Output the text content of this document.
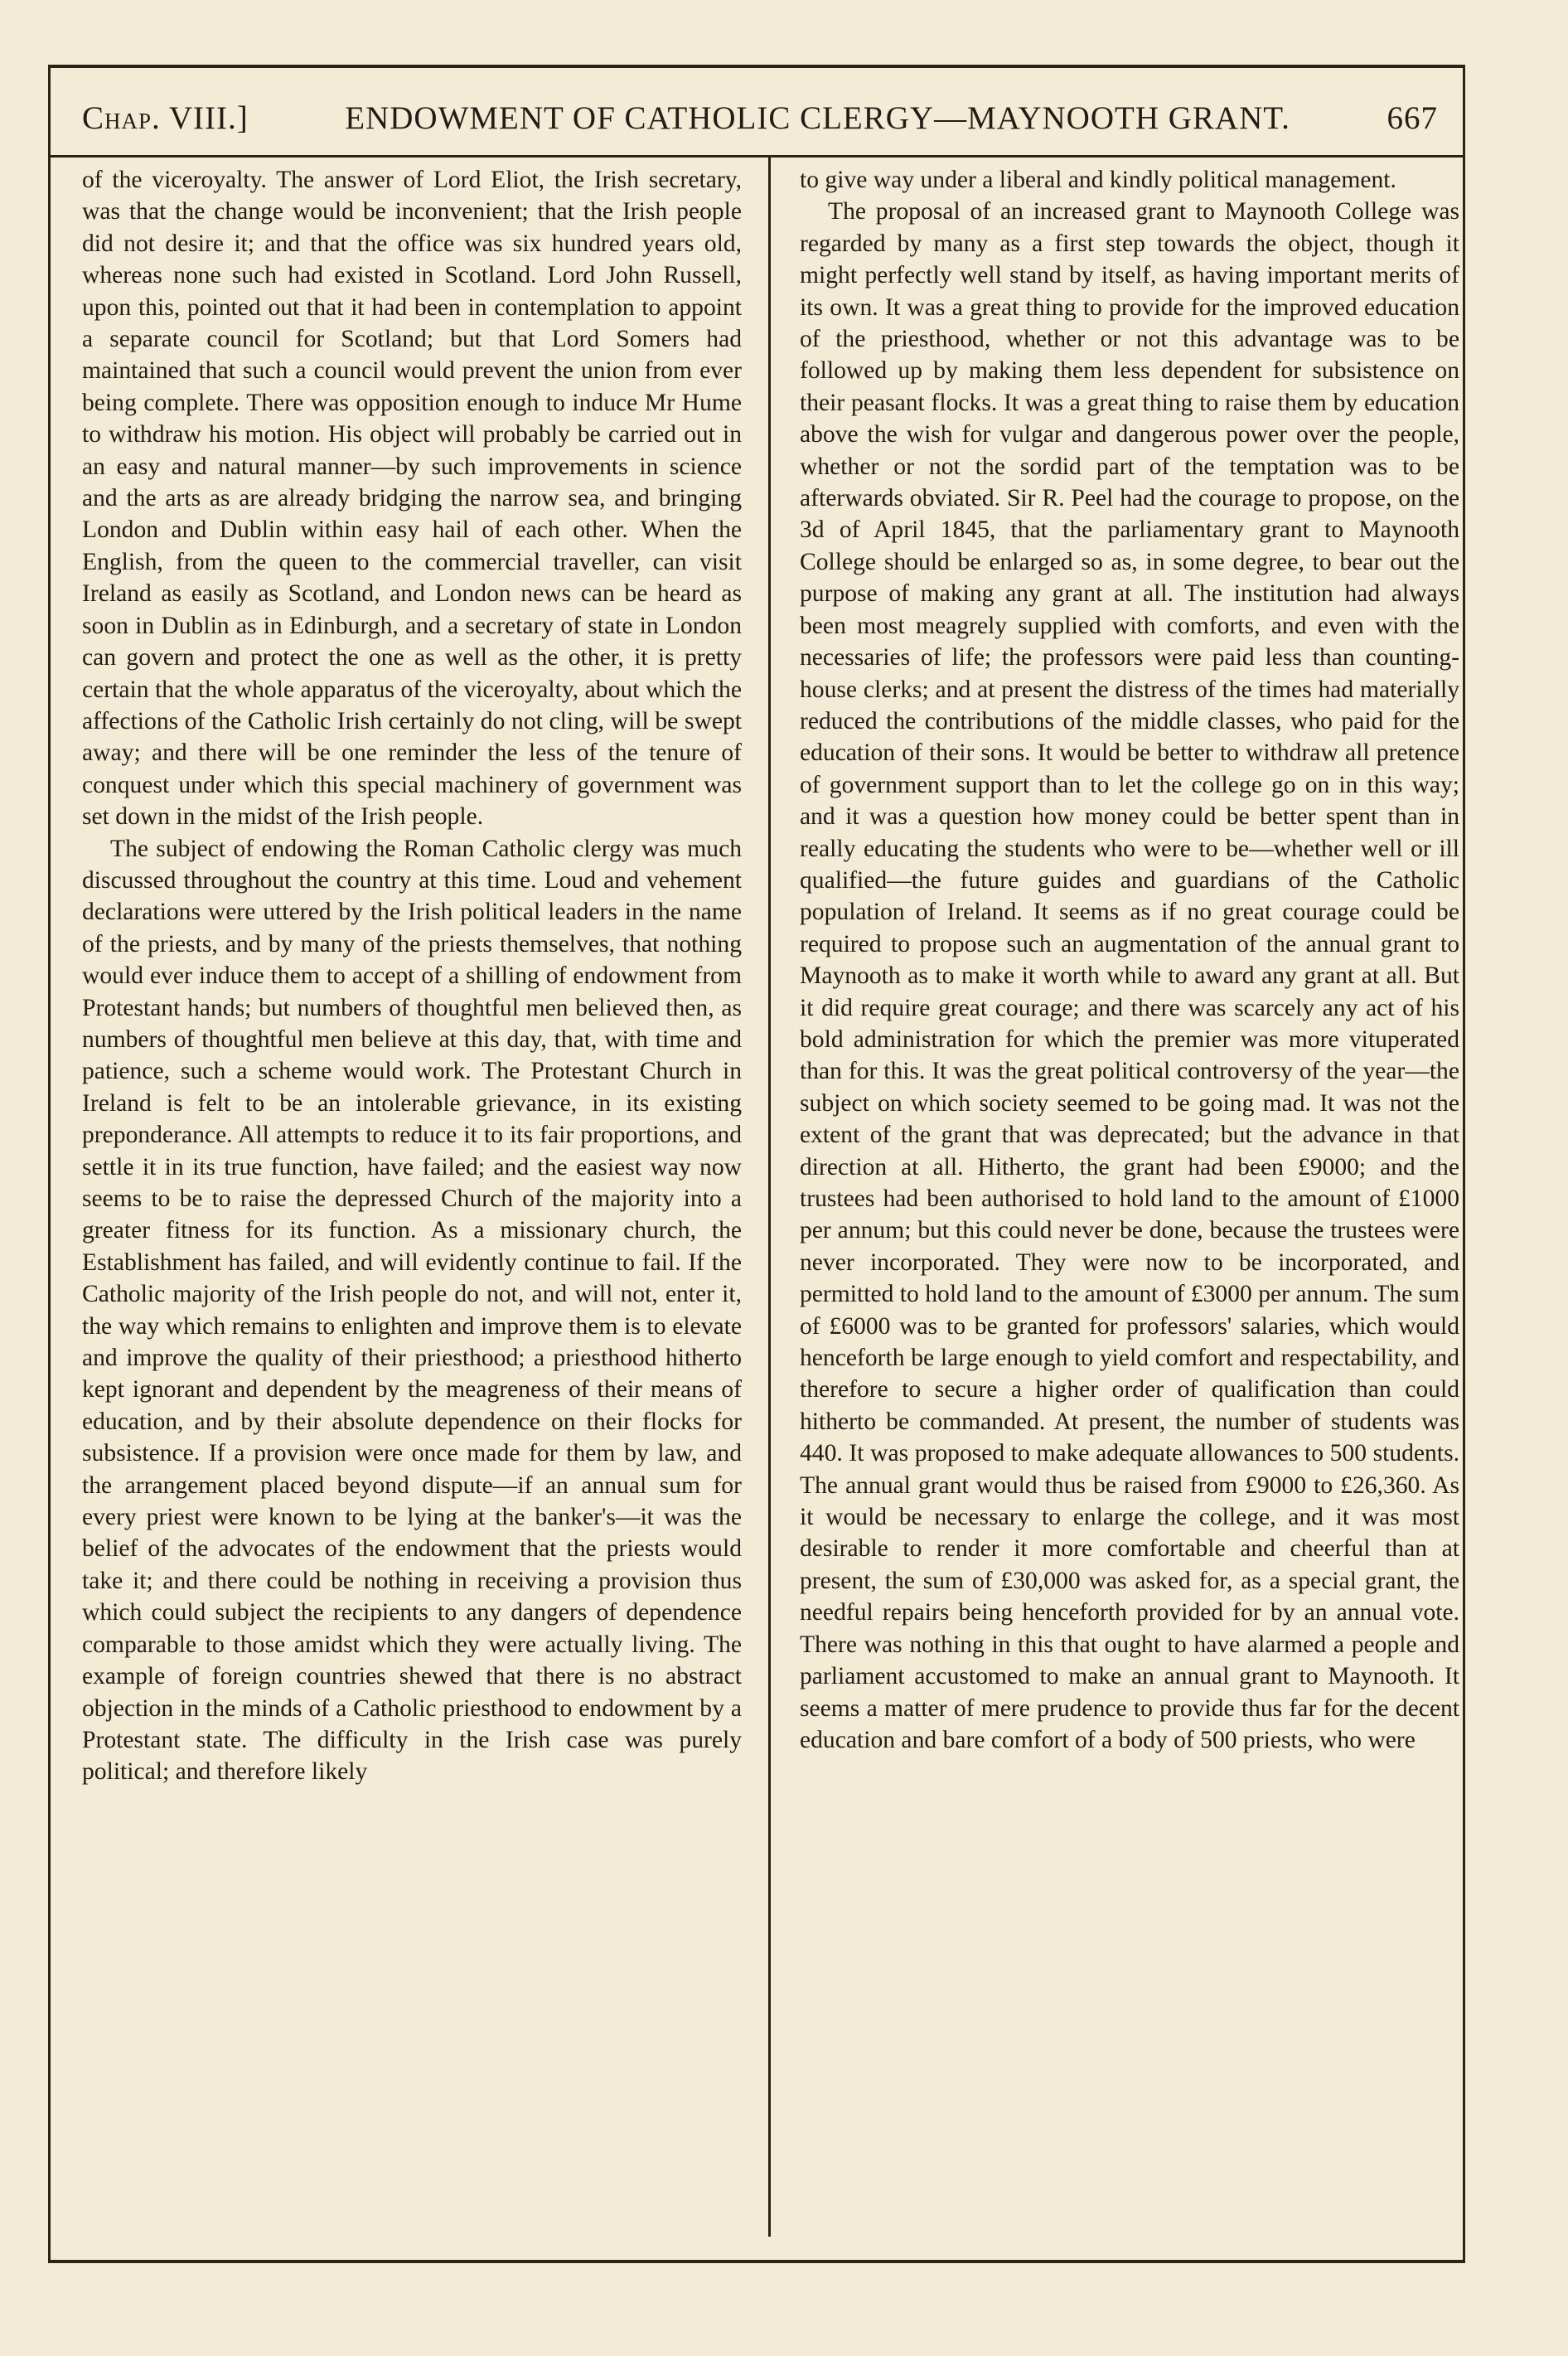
Chap. VIII.]	ENDOWMENT OF CATHOLIC CLERGY—MAYNOOTH GRANT.	667

of the viceroyalty. The answer of Lord Eliot, the Irish secretary, was that the change would be inconvenient; that the Irish people did not desire it; and that the office was six hundred years old, whereas none such had existed in Scotland. Lord John Russell, upon this, pointed out that it had been in contemplation to appoint a separate council for Scotland; but that Lord Somers had maintained that such a council would prevent the union from ever being complete. There was opposition enough to induce Mr Hume to withdraw his motion. His object will probably be carried out in an easy and natural manner—by such improvements in science and the arts as are already bridging the narrow sea, and bringing London and Dublin within easy hail of each other. When the English, from the queen to the commercial traveller, can visit Ireland as easily as Scotland, and London news can be heard as soon in Dublin as in Edinburgh, and a secretary of state in London can govern and protect the one as well as the other, it is pretty certain that the whole apparatus of the viceroyalty, about which the affections of the Catholic Irish certainly do not cling, will be swept away; and there will be one reminder the less of the tenure of conquest under which this special machinery of government was set down in the midst of the Irish people.

The subject of endowing the Roman Catholic clergy was much discussed throughout the country at this time. Loud and vehement declarations were uttered by the Irish political leaders in the name of the priests, and by many of the priests themselves, that nothing would ever induce them to accept of a shilling of endowment from Protestant hands; but numbers of thoughtful men believed then, as numbers of thoughtful men believe at this day, that, with time and patience, such a scheme would work. The Protestant Church in Ireland is felt to be an intolerable grievance, in its existing preponderance. All attempts to reduce it to its fair proportions, and settle it in its true function, have failed; and the easiest way now seems to be to raise the depressed Church of the majority into a greater fitness for its function. As a missionary church, the Establishment has failed, and will evidently continue to fail. If the Catholic majority of the Irish people do not, and will not, enter it, the way which remains to enlighten and improve them is to elevate and improve the quality of their priesthood; a priesthood hitherto kept ignorant and dependent by the meagreness of their means of education, and by their absolute dependence on their flocks for subsistence. If a provision were once made for them by law, and the arrangement placed beyond dispute—if an annual sum for every priest were known to be lying at the banker's—it was the belief of the advocates of the endowment that the priests would take it; and there could be nothing in receiving a provision thus which could subject the recipients to any dangers of dependence comparable to those amidst which they were actually living. The example of foreign countries shewed that there is no abstract objection in the minds of a Catholic priesthood to endowment by a Protestant state. The difficulty in the Irish case was purely political; and therefore likely

to give way under a liberal and kindly political management.

The proposal of an increased grant to Maynooth College was regarded by many as a first step towards the object, though it might perfectly well stand by itself, as having important merits of its own. It was a great thing to provide for the improved education of the priesthood, whether or not this advantage was to be followed up by making them less dependent for subsistence on their peasant flocks. It was a great thing to raise them by education above the wish for vulgar and dangerous power over the people, whether or not the sordid part of the temptation was to be afterwards obviated. Sir R. Peel had the courage to propose, on the 3d of April 1845, that the parliamentary grant to Maynooth College should be enlarged so as, in some degree, to bear out the purpose of making any grant at all. The institution had always been most meagrely supplied with comforts, and even with the necessaries of life; the professors were paid less than counting-house clerks; and at present the distress of the times had materially reduced the contributions of the middle classes, who paid for the education of their sons. It would be better to withdraw all pretence of government support than to let the college go on in this way; and it was a question how money could be better spent than in really educating the students who were to be—whether well or ill qualified—the future guides and guardians of the Catholic population of Ireland. It seems as if no great courage could be required to propose such an augmentation of the annual grant to Maynooth as to make it worth while to award any grant at all. But it did require great courage; and there was scarcely any act of his bold administration for which the premier was more vituperated than for this. It was the great political controversy of the year—the subject on which society seemed to be going mad. It was not the extent of the grant that was deprecated; but the advance in that direction at all. Hitherto, the grant had been £9000; and the trustees had been authorised to hold land to the amount of £1000 per annum; but this could never be done, because the trustees were never incorporated. They were now to be incorporated, and permitted to hold land to the amount of £3000 per annum. The sum of £6000 was to be granted for professors' salaries, which would henceforth be large enough to yield comfort and respectability, and therefore to secure a higher order of qualification than could hitherto be commanded. At present, the number of students was 440. It was proposed to make adequate allowances to 500 students. The annual grant would thus be raised from £9000 to £26,360. As it would be necessary to enlarge the college, and it was most desirable to render it more comfortable and cheerful than at present, the sum of £30,000 was asked for, as a special grant, the needful repairs being henceforth provided for by an annual vote. There was nothing in this that ought to have alarmed a people and parliament accustomed to make an annual grant to Maynooth. It seems a matter of mere prudence to provide thus far for the decent education and bare comfort of a body of 500 priests, who were
